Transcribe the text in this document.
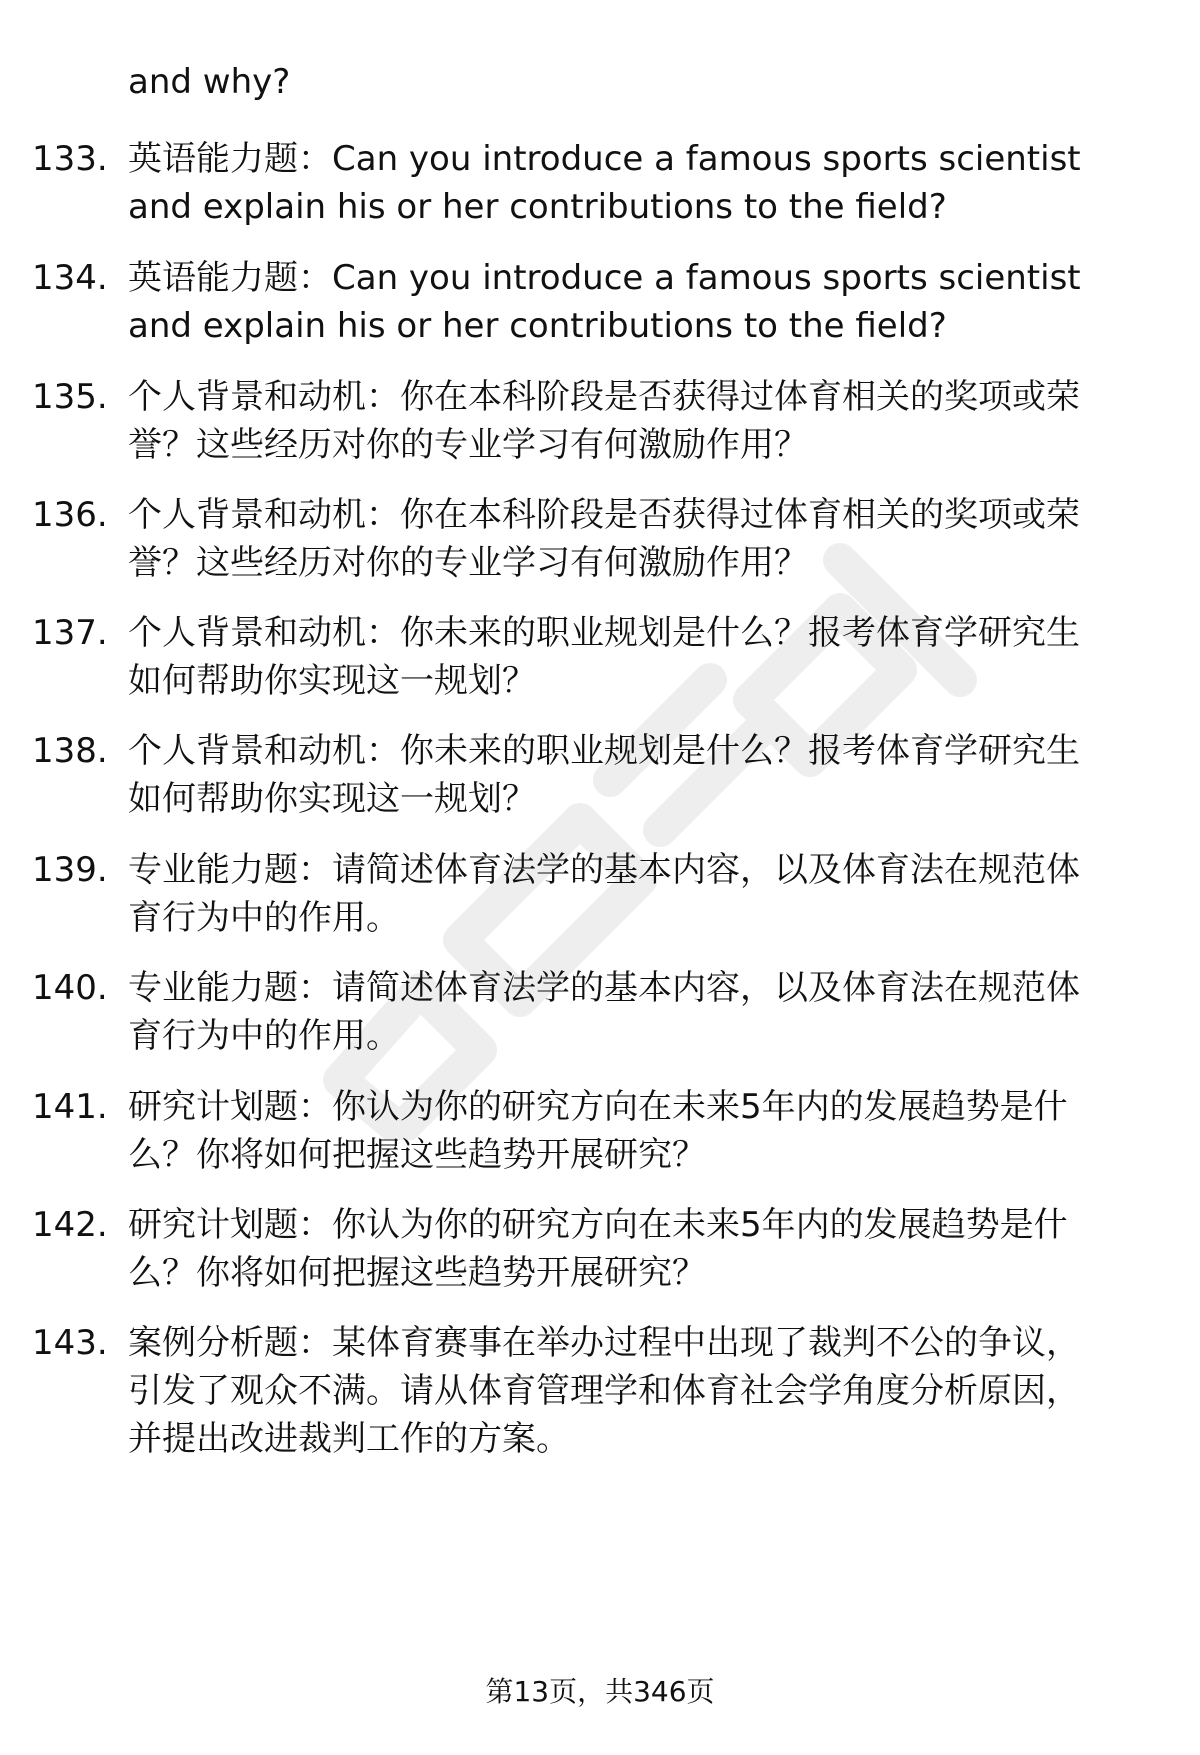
and why?
133. 英语能力题：Can you introduce a famous sports scientist
and explain his or her contributions to the field?
134. 英语能力题：Can you introduce a famous sports scientist
and explain his or her contributions to the field?
135. 个人背景和动机：你在本科阶段是否获得过体育相关的奖项或荣
誉？这些经历对你的专业学习有何激励作用？
136. 个人背景和动机：你在本科阶段是否获得过体育相关的奖项或荣
誉？这些经历对你的专业学习有何激励作用？
137. 个人背景和动机：你未来的职业规划是什么？报考体育学研究生
如何帮助你实现这一规划？
138. 个人背景和动机：你未来的职业规划是什么？报考体育学研究生
如何帮助你实现这一规划？
139. 专业能力题：请简述体育法学的基本内容，以及体育法在规范体
育行为中的作用。
140. 专业能力题：请简述体育法学的基本内容，以及体育法在规范体
育行为中的作用。
141. 研究计划题：你认为你的研究方向在未来5年内的发展趋势是什
么？你将如何把握这些趋势开展研究？
142. 研究计划题：你认为你的研究方向在未来5年内的发展趋势是什
么？你将如何把握这些趋势开展研究？
143. 案例分析题：某体育赛事在举办过程中出现了裁判不公的争议，
引发了观众不满。请从体育管理学和体育社会学角度分析原因，
并提出改进裁判工作的方案。
第13页，共346页
